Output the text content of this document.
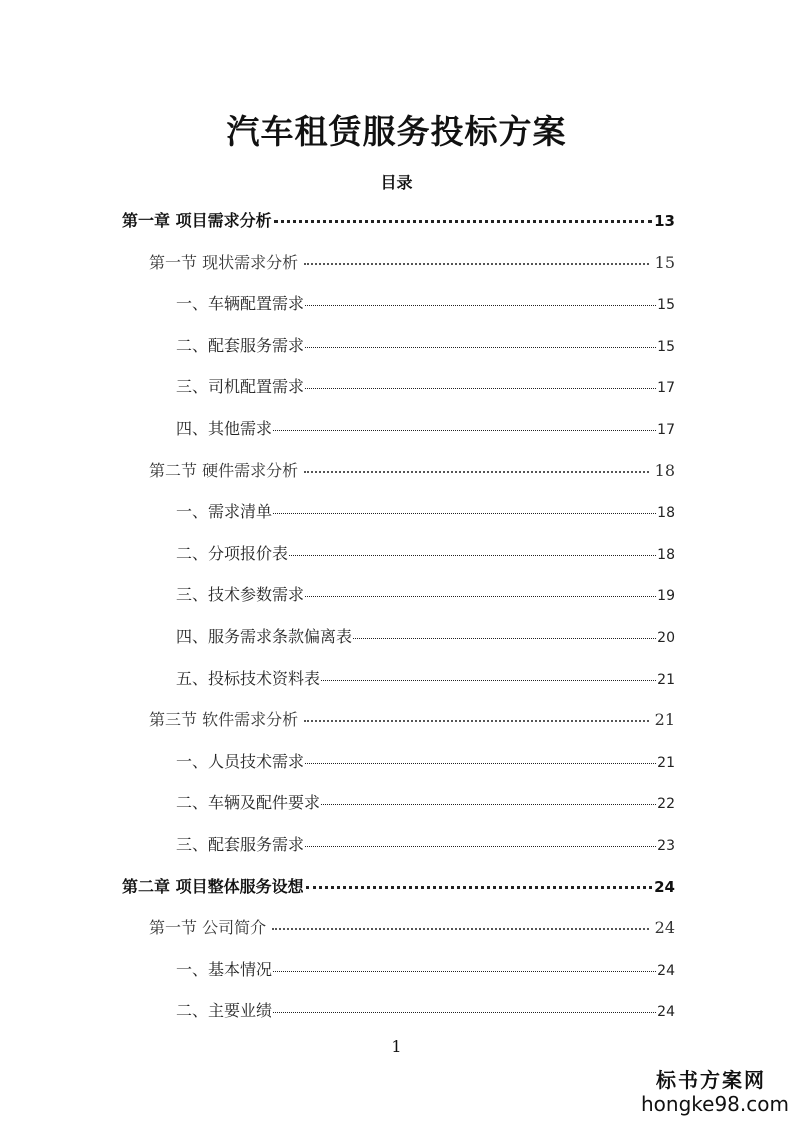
汽车租赁服务投标方案
目录
第一章 项目需求分析	13
第一节 现状需求分析	15
一、车辆配置需求	15
二、配套服务需求	15
三、司机配置需求	17
四、其他需求	17
第二节 硬件需求分析	18
一、需求清单	18
二、分项报价表	18
三、技术参数需求	19
四、服务需求条款偏离表	20
五、投标技术资料表	21
第三节 软件需求分析	21
一、人员技术需求	21
二、车辆及配件要求	22
三、配套服务需求	23
第二章 项目整体服务设想	24
第一节 公司简介	24
一、基本情况	24
二、主要业绩	24
1
标书方案网
hongke98.com
